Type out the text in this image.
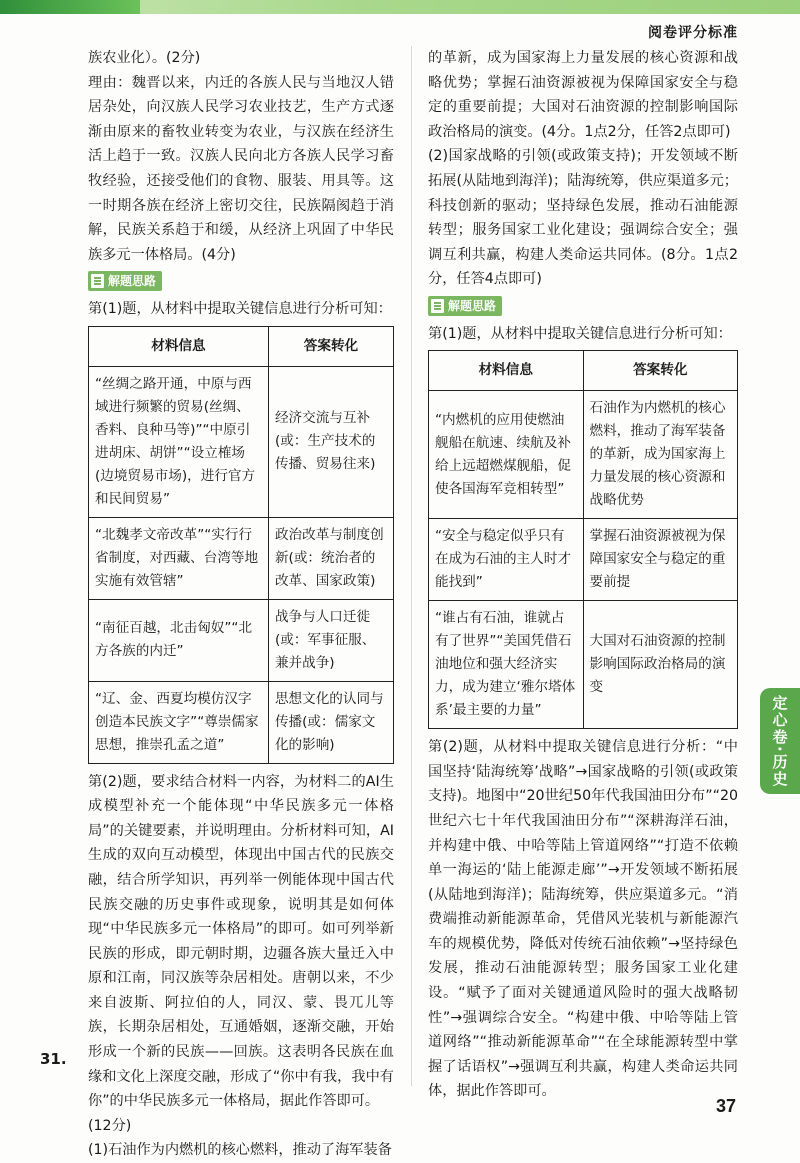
阅卷评分标准

族农业化）。(2分)

理由：魏晋以来，内迁的各族人民与当地汉人错居杂处，向汉族人民学习农业技艺，生产方式逐渐由原来的畜牧业转变为农业，与汉族在经济生活上趋于一致。汉族人民向北方各族人民学习畜牧经验，还接受他们的食物、服装、用具等。这一时期各族在经济上密切交往，民族隔阂趋于消解，民族关系趋于和缓，从经济上巩固了中华民族多元一体格局。(4分)

解题思路

第(1)题，从材料中提取关键信息进行分析可知：

材料信息	答案转化
“丝绸之路开通，中原与西域进行频繁的贸易(丝绸、香料、良种马等)”“中原引进胡床、胡饼”“设立榷场(边境贸易市场)，进行官方和民间贸易”	经济交流与互补(或：生产技术的传播、贸易往来)
“北魏孝文帝改革”“实行行省制度，对西藏、台湾等地实施有效管辖”	政治改革与制度创新(或：统治者的改革、国家政策)
“南征百越，北击匈奴”“北方各族的内迁”	战争与人口迁徙(或：军事征服、兼并战争)
“辽、金、西夏均模仿汉字创造本民族文字”“尊崇儒家思想，推崇孔孟之道”	思想文化的认同与传播(或：儒家文化的影响)

第(2)题，要求结合材料一内容，为材料二的AI生成模型补充一个能体现“中华民族多元一体格局”的关键要素，并说明理由。分析材料可知，AI生成的双向互动模型，体现出中国古代的民族交融，结合所学知识，再列举一例能体现中国古代民族交融的历史事件或现象，说明其是如何体现“中华民族多元一体格局”的即可。如可列举新民族的形成，即元朝时期，边疆各族大量迁入中原和江南，同汉族等杂居相处。唐朝以来，不少来自波斯、阿拉伯的人，同汉、蒙、畏兀儿等族，长期杂居相处，互通婚姻，逐渐交融，开始形成一个新的民族——回族。这表明各民族在血缘和文化上深度交融，形成了“你中有我，我中有你”的中华民族多元一体格局，据此作答即可。

(12分)

(1)石油作为内燃机的核心燃料，推动了海军装备

31.

的革新，成为国家海上力量发展的核心资源和战略优势；掌握石油资源被视为保障国家安全与稳定的重要前提；大国对石油资源的控制影响国际政治格局的演变。(4分。1点2分，任答2点即可)

(2)国家战略的引领(或政策支持)；开发领域不断拓展(从陆地到海洋)；陆海统筹，供应渠道多元；科技创新的驱动；坚持绿色发展，推动石油能源转型；服务国家工业化建设；强调综合安全；强调互利共赢，构建人类命运共同体。(8分。1点2分，任答4点即可)

解题思路

第(1)题，从材料中提取关键信息进行分析可知：

材料信息	答案转化
“内燃机的应用使燃油舰船在航速、续航及补给上远超燃煤舰船，促使各国海军竞相转型”	石油作为内燃机的核心燃料，推动了海军装备的革新，成为国家海上力量发展的核心资源和战略优势
“安全与稳定似乎只有在成为石油的主人时才能找到”	掌握石油资源被视为保障国家安全与稳定的重要前提
“谁占有石油，谁就占有了世界”“美国凭借石油地位和强大经济实力，成为建立‘雅尔塔体系’最主要的力量”	大国对石油资源的控制影响国际政治格局的演变

第(2)题，从材料中提取关键信息进行分析：“中国坚持‘陆海统筹’战略”→国家战略的引领(或政策支持)。地图中“20世纪50年代我国油田分布”“20世纪六七十年代我国油田分布”“深耕海洋石油，并构建中俄、中哈等陆上管道网络”“打造不依赖单一海运的‘陆上能源走廊’”→开发领域不断拓展(从陆地到海洋)；陆海统筹，供应渠道多元。“消费端推动新能源革命，凭借风光装机与新能源汽车的规模优势，降低对传统石油依赖”→坚持绿色发展，推动石油能源转型；服务国家工业化建设。“赋予了面对关键通道风险时的强大战略韧性”→强调综合安全。“构建中俄、中哈等陆上管道网络”“推动新能源革命”“在全球能源转型中掌握了话语权”→强调互利共赢，构建人类命运共同体，据此作答即可。

定心卷·历史
37
